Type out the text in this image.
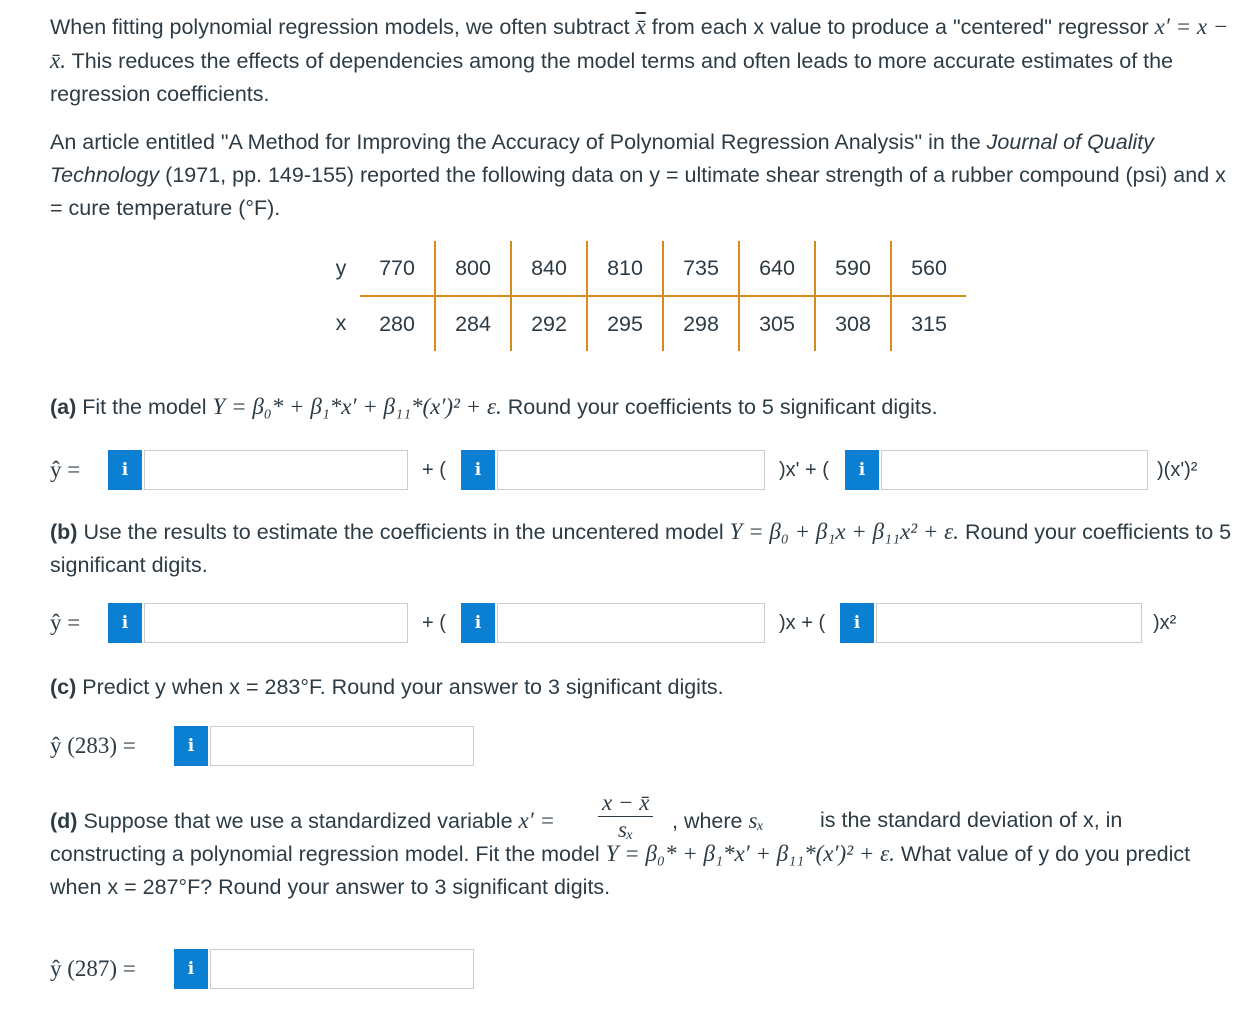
When fitting polynomial regression models, we often subtract x̄ from each x value to produce a "centered" regressor x′ = x − x̄. This reduces the effects of dependencies among the model terms and often leads to more accurate estimates of the regression coefficients.

An article entitled "A Method for Improving the Accuracy of Polynomial Regression Analysis" in the Journal of Quality Technology (1971, pp. 149-155) reported the following data on y = ultimate shear strength of a rubber compound (psi) and x = cure temperature (°F).

y	770	800	840	810	735	640	590	560
x	280	284	292	295	298	305	308	315

(a) Fit the model Y = β₀* + β₁*x′ + β₁₁*(x′)² + ε. Round your coefficients to 5 significant digits.

ŷ =	i	+ (	i	)x' + (	i	)(x')²

(b) Use the results to estimate the coefficients in the uncentered model Y = β₀ + β₁x + β₁₁x² + ε. Round your coefficients to 5 significant digits.

ŷ =	i	+ (	i	)x + (	i	)x²

(c) Predict y when x = 283°F. Round your answer to 3 significant digits.

ŷ (283) =	i
(d) Suppose that we use a standardized variable $x' = \frac{x - x̄}{\text{sₓ}}$ , where sₓ	is the standard deviation of x, in constructing a polynomial regression model. Fit the model Y = β₀* + β₁*x′ + β₁₁*(x′)² + ε. What value of y do you predict when x = 287°F? Round your answer to 3 significant digits.

ŷ (287) =	i
